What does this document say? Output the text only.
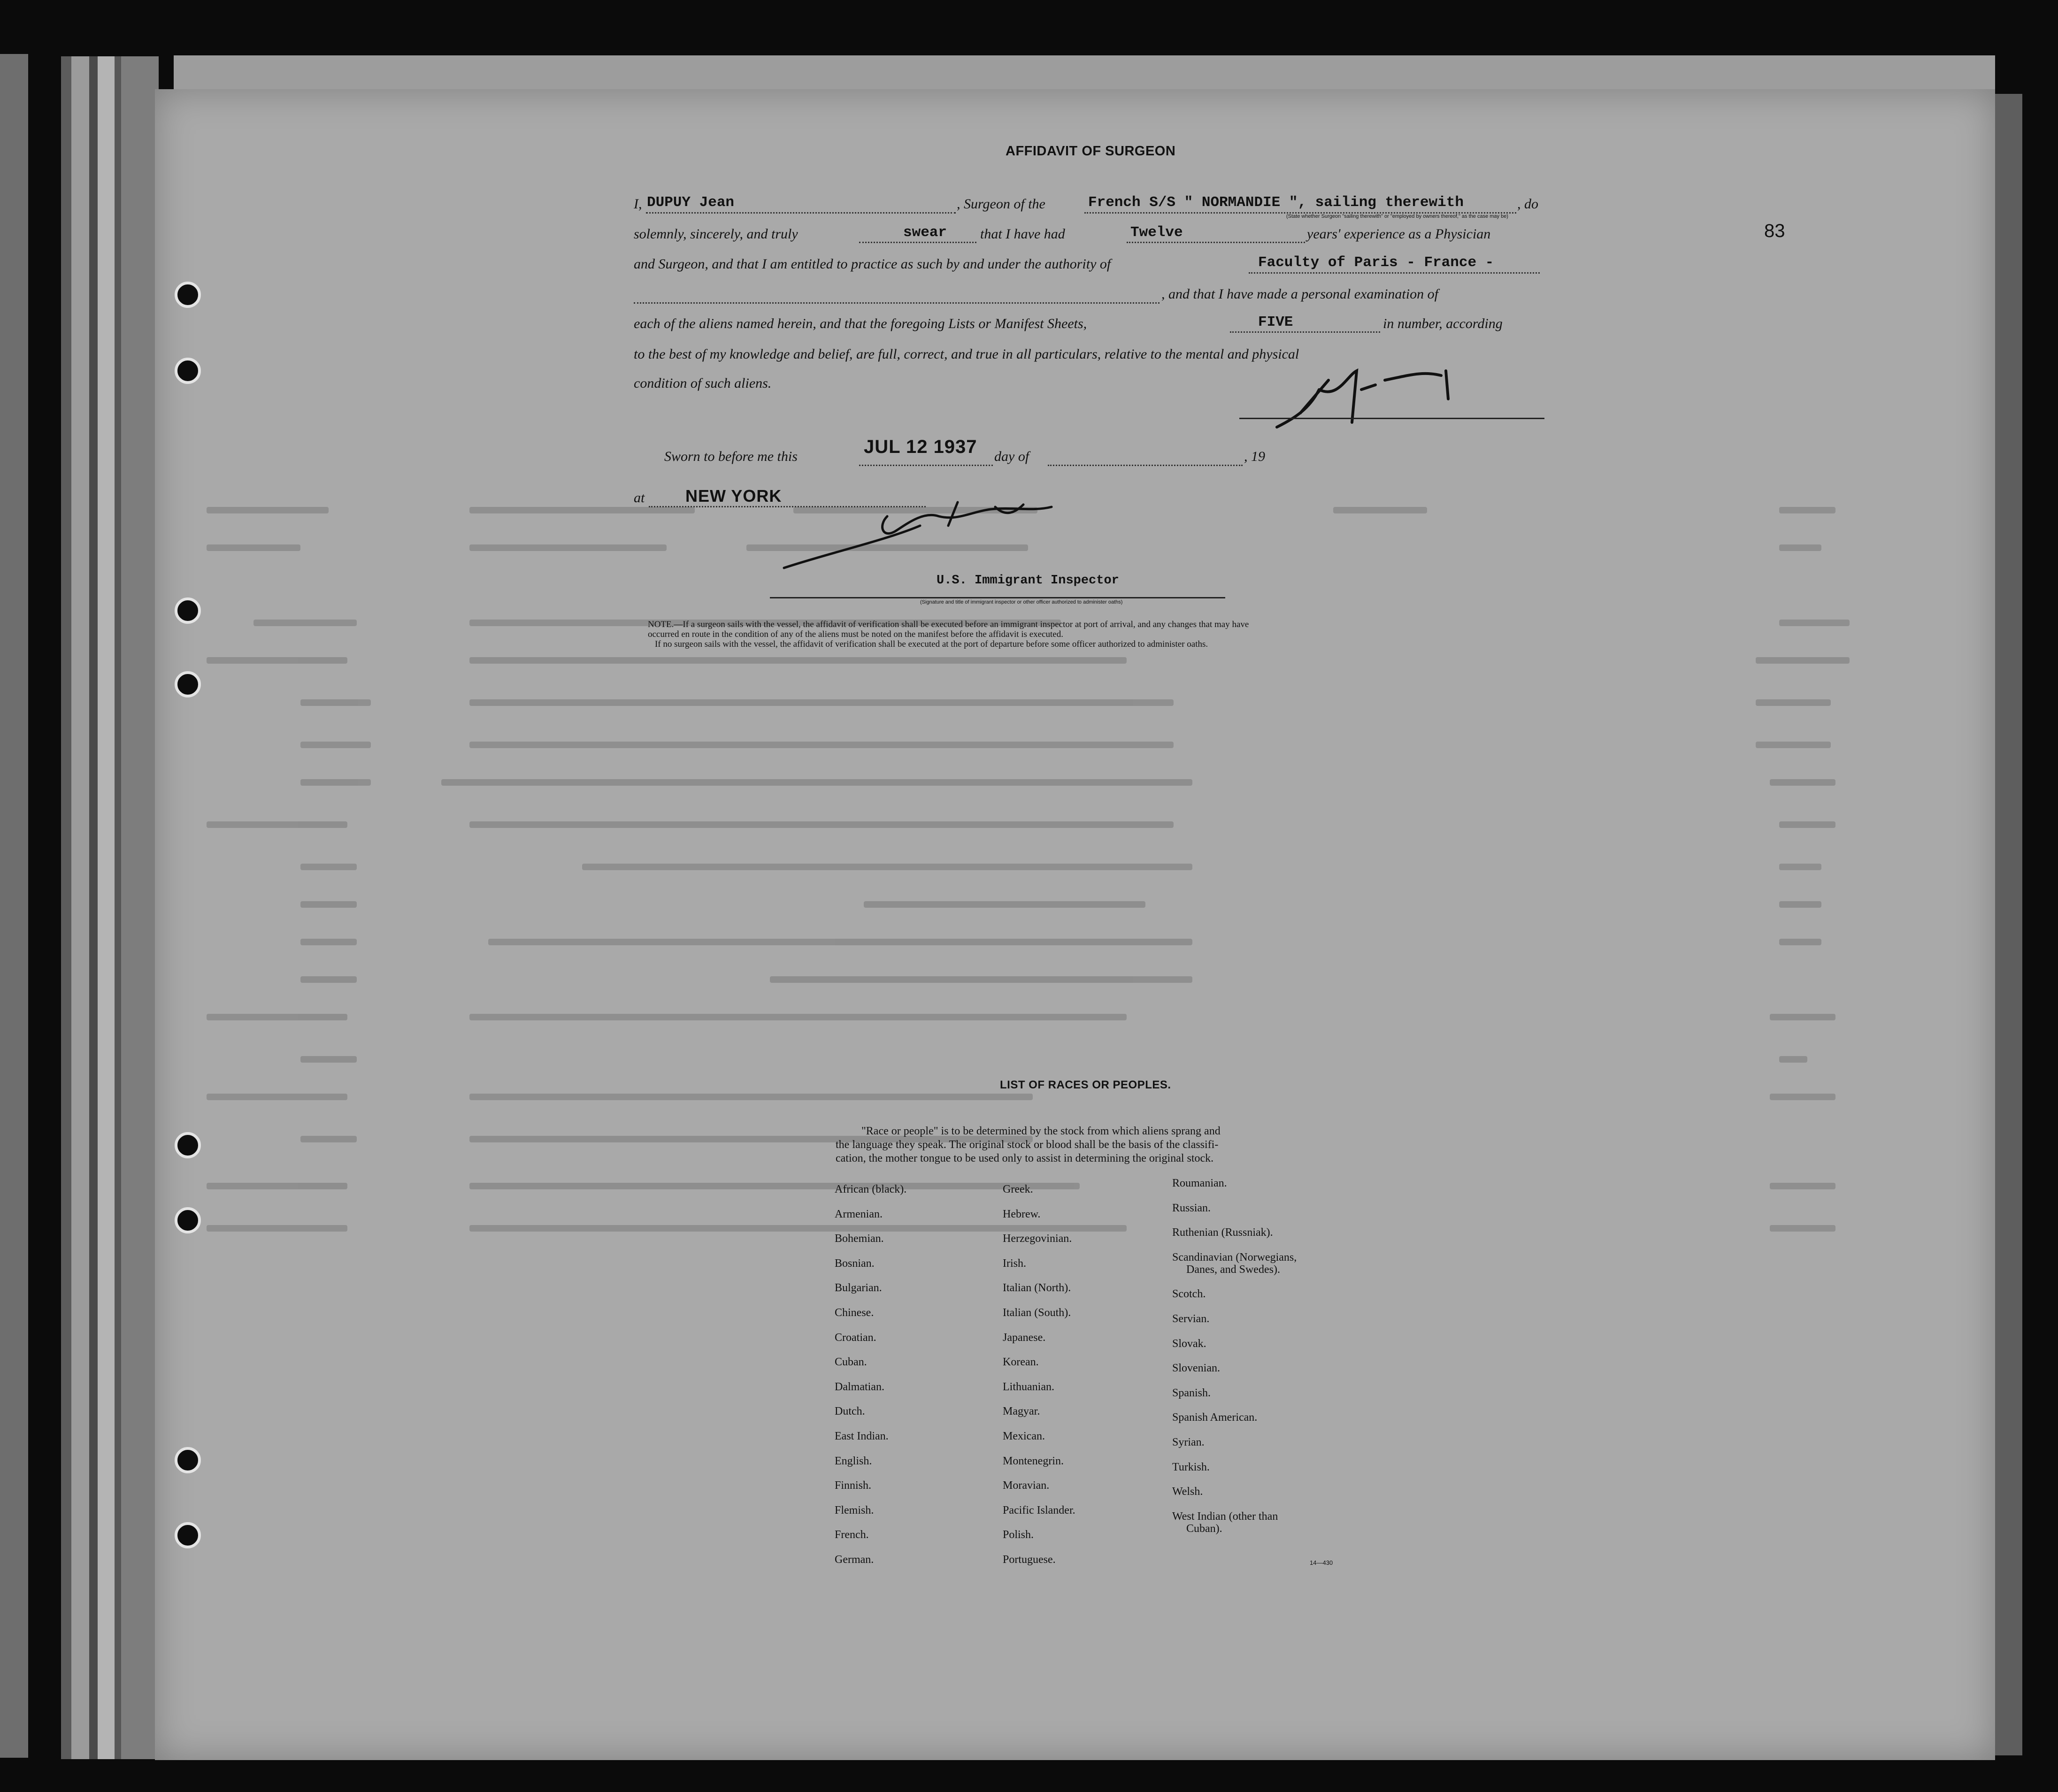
AFFIDAVIT OF SURGEON
83
I, DUPUY Jean	, Surgeon of the	French S/S " NORMANDIE ", sailing therewith	, do
(State whether Surgeon "sailing therewith" or "employed by owners thereof," as the case may be)
solemnly, sincerely, and truly	swear that I have had	Twelve	years' experience as a Physician
and Surgeon, and that I am entitled to practice as such by and under the authority of	Faculty of Paris - France -
, and that I have made a personal examination of
each of the aliens named herein, and that the foregoing Lists or Manifest Sheets,	FIVE	in number, according
to the best of my knowledge and belief, are full, correct, and true in all particulars, relative to the mental and physical
condition of such aliens.
Sworn to before me this	JUL 12 1937 day of	, 19
at NEW YORK
U.S. Immigrant Inspector
(Signature and title of immigrant inspector or other officer authorized to administer oaths)
NOTE.—If a surgeon sails with the vessel, the affidavit of verification shall be executed before an immigrant inspector at port of arrival, and any changes that may have
occurred en route in the condition of any of the aliens must be noted on the manifest before the affidavit is executed.
If no surgeon sails with the vessel, the affidavit of verification shall be executed at the port of departure before some officer authorized to administer oaths.
LIST OF RACES OR PEOPLES.
"Race or people" is to be determined by the stock from which aliens sprang and
the language they speak. The original stock or blood shall be the basis of the classifi-
cation, the mother tongue to be used only to assist in determining the original stock.
African (black).
Armenian.
Bohemian.
Bosnian.
Bulgarian.
Chinese.
Croatian.
Cuban.
Dalmatian.
Dutch.
East Indian.
English.
Finnish.
Flemish.
French.
German.
Greek.
Hebrew.
Herzegovinian.
Irish.
Italian (North).
Italian (South).
Japanese.
Korean.
Lithuanian.
Magyar.
Mexican.
Montenegrin.
Moravian.
Pacific Islander.
Polish.
Portuguese.
Roumanian.
Russian.
Ruthenian (Russniak).
Scandinavian (Norwegians,
Danes, and Swedes).
Scotch.
Servian.
Slovak.
Slovenian.
Spanish.
Spanish American.
Syrian.
Turkish.
Welsh.
West Indian (other than
Cuban).
14—430
